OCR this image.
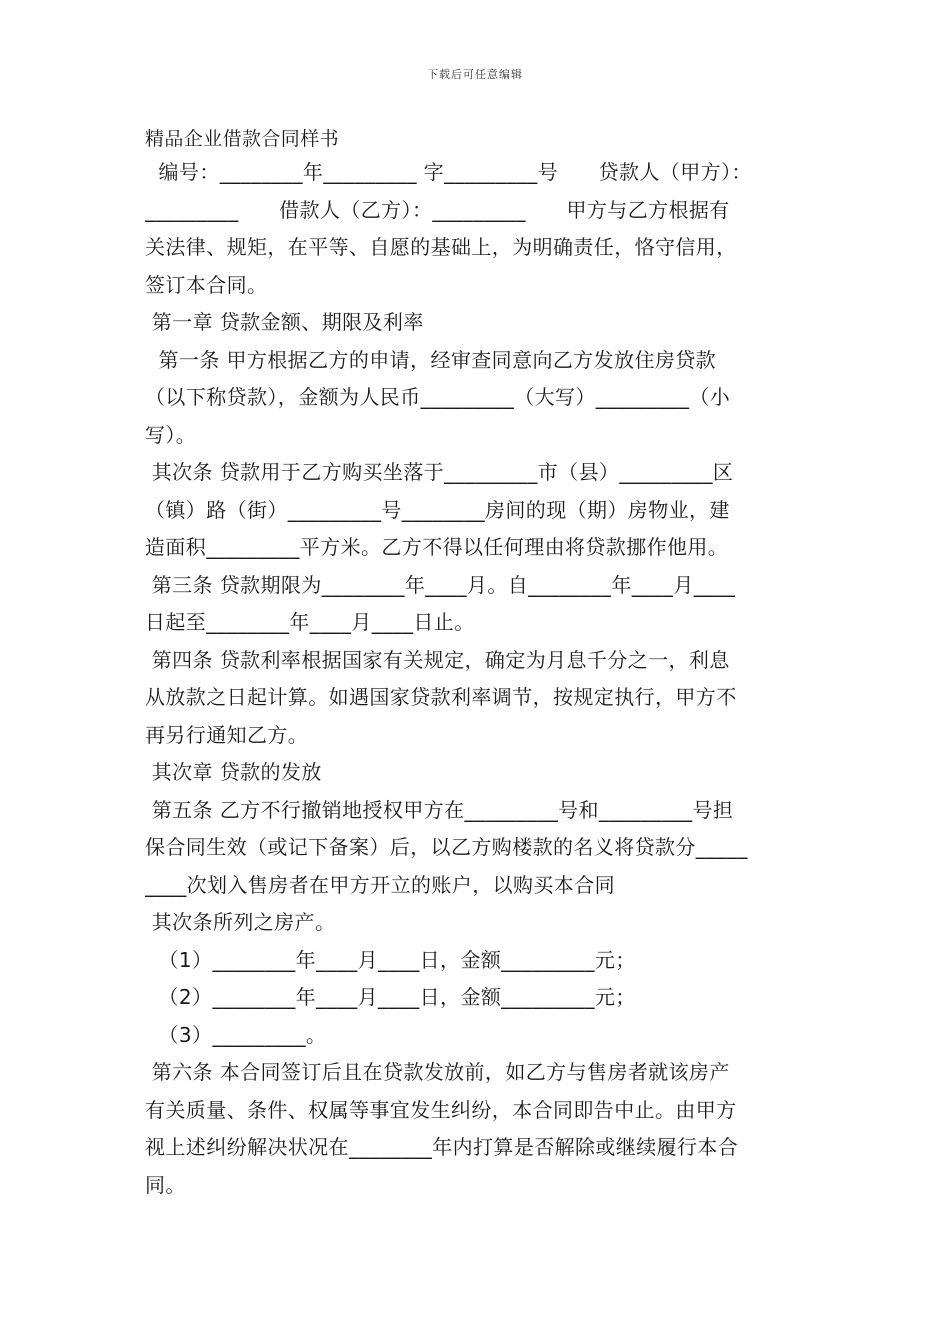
下载后可任意编辑
精品企业借款合同样书
编号：________年_________ 字_________号      贷款人（甲方）：
_________      借款人（乙方）：_________      甲方与乙方根据有
关法律、规矩，在平等、自愿的基础上，为明确责任，恪守信用，
签订本合同。
第一章 贷款金额、期限及利率
第一条 甲方根据乙方的申请，经审查同意向乙方发放住房贷款
（以下称贷款），金额为人民币_________（大写）_________（小
写）。
其次条 贷款用于乙方购买坐落于_________市（县）_________区
（镇）路（街）_________号________房间的现（期）房物业，建
造面积_________平方米。乙方不得以任何理由将贷款挪作他用。
第三条 贷款期限为________年____月。自________年____月____
日起至________年____月____日止。
第四条 贷款利率根据国家有关规定，确定为月息千分之一，利息
从放款之日起计算。如遇国家贷款利率调节，按规定执行，甲方不
再另行通知乙方。
其次章 贷款的发放
第五条 乙方不行撤销地授权甲方在_________号和_________号担
保合同生效（或记下备案）后，以乙方购楼款的名义将贷款分_____
____次划入售房者在甲方开立的账户，以购买本合同
其次条所列之房产。
（1）________年____月____日，金额_________元；
（2）________年____月____日，金额_________元；
（3）_________。
第六条 本合同签订后且在贷款发放前，如乙方与售房者就该房产
有关质量、条件、权属等事宜发生纠纷，本合同即告中止。由甲方
视上述纠纷解决状况在________年内打算是否解除或继续履行本合
同。
